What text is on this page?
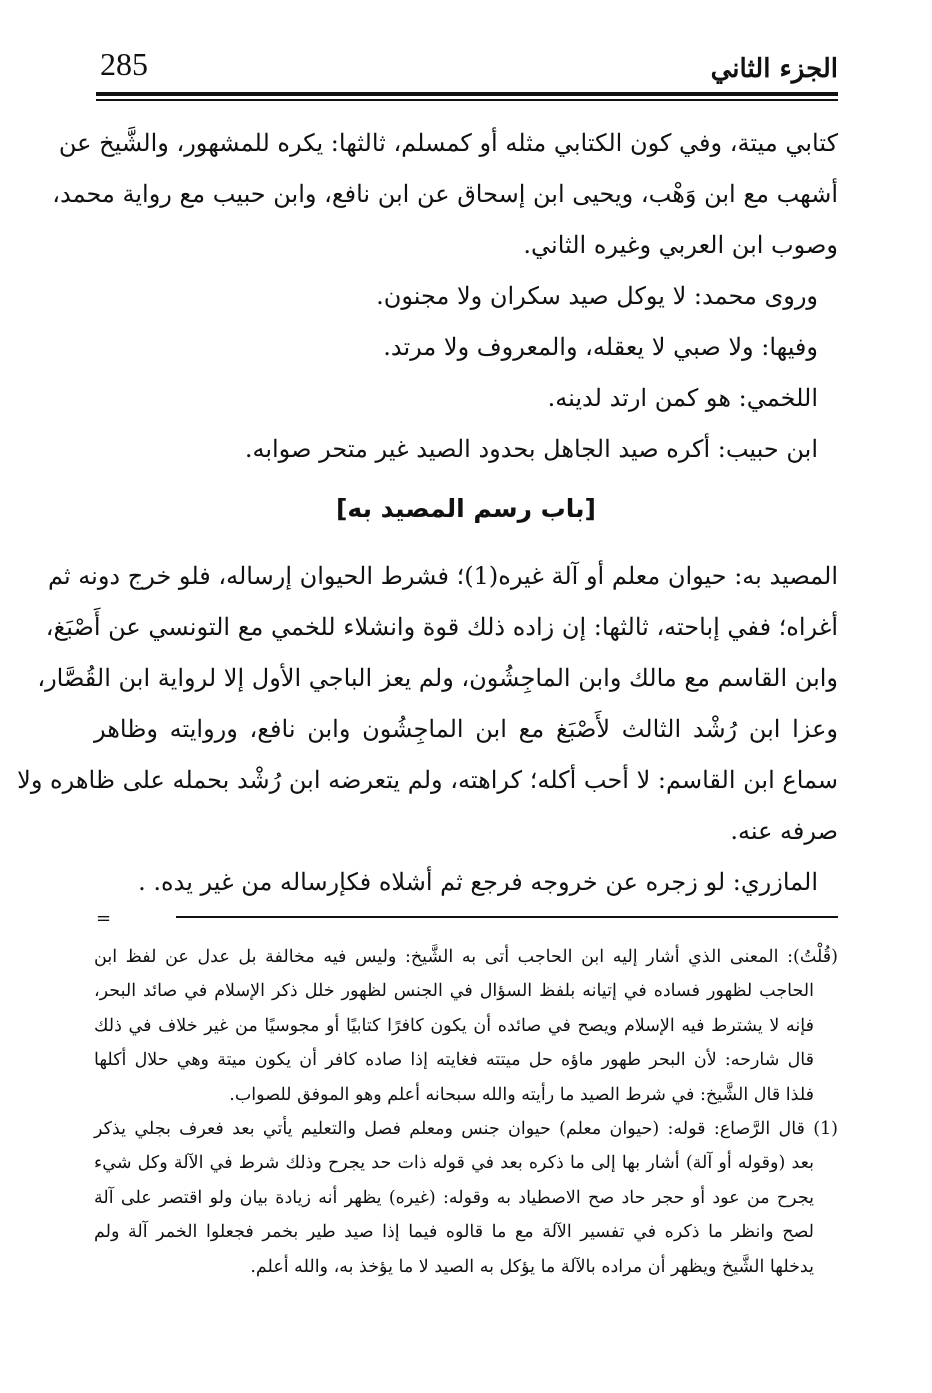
285	الجزء الثاني
كتابي ميتة، وفي كون الكتابي مثله أو كمسلم، ثالثها: يكره للمشهور، والشَّيخ عن
أشهب مع ابن وَهْب، ويحيى ابن إسحاق عن ابن نافع، وابن حبيب مع رواية محمد،
وصوب ابن العربي وغيره الثاني.
وروى محمد: لا يوكل صيد سكران ولا مجنون.
وفيها: ولا صبي لا يعقله، والمعروف ولا مرتد.
اللخمي: هو كمن ارتد لدينه.
ابن حبيب: أكره صيد الجاهل بحدود الصيد غير متحر صوابه.
[باب رسم المصيد به]
المصيد به: حيوان معلم أو آلة غيره(1)؛ فشرط الحيوان إرساله، فلو خرج دونه ثم
أغراه؛ ففي إباحته، ثالثها: إن زاده ذلك قوة وانشلاء للخمي مع التونسي عن أَصْبَغ،
وابن القاسم مع مالك وابن الماجِشُون، ولم يعز الباجي الأول إلا لرواية ابن القُصَّار،
وعزا ابن رُشْد الثالث لأَصْبَغ مع ابن الماجِشُون وابن نافع، وروايته وظاهر
سماع ابن القاسم: لا أحب أكله؛ كراهته، ولم يتعرضه ابن رُشْد بحمله على ظاهره ولا
صرفه عنه.
المازري: لو زجره عن خروجه فرجع ثم أشلاه فكإرساله من غير يده. .
=
(قُلْتُ): المعنى الذي أشار إليه ابن الحاجب أتى به الشَّيخ: وليس فيه مخالفة بل عدل عن لفظ ابن
الحاجب لظهور فساده في إتيانه بلفظ السؤال في الجنس لظهور خلل ذكر الإسلام في صائد البحر،
فإنه لا يشترط فيه الإسلام ويصح في صائده أن يكون كافرًا كتابيًا أو مجوسيًا من غير خلاف في ذلك
قال شارحه: لأن البحر طهور ماؤه حل ميتته فغايته إذا صاده كافر أن يكون ميتة وهي حلال أكلها
فلذا قال الشَّيخ: في شرط الصيد ما رأيته والله سبحانه أعلم وهو الموفق للصواب.
(1) قال الرَّصاع: قوله: (حيوان معلم) حيوان جنس ومعلم فصل والتعليم يأتي بعد فعرف بجلي يذكر
بعد (وقوله أو آلة) أشار بها إلى ما ذكره بعد في قوله ذات حد يجرح وذلك شرط في الآلة وكل شيء
يجرح من عود أو حجر حاد صح الاصطياد به وقوله: (غيره) يظهر أنه زيادة بيان ولو اقتصر على آلة
لصح وانظر ما ذكره في تفسير الآلة مع ما قالوه فيما إذا صيد طير بخمر فجعلوا الخمر آلة ولم
يدخلها الشَّيخ ويظهر أن مراده بالآلة ما يؤكل به الصيد لا ما يؤخذ به، والله أعلم.
